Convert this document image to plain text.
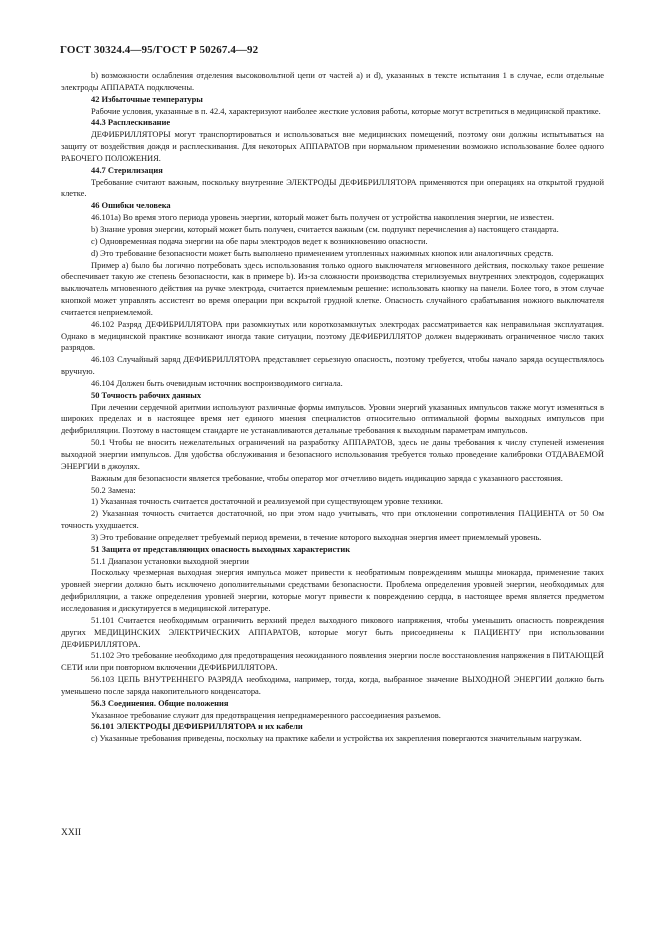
ГОСТ 30324.4—95/ГОСТ Р 50267.4—92

b) возможности ослабления отделения высоковольтной цепи от частей а) и d), указанных в тексте испытания 1 в случае, если отдельные электроды АППАРАТА подключены.

42 Избыточные температуры

Рабочие условия, указанные в п. 42.4, характеризуют наиболее жесткие условия работы, которые могут встретиться в медицинской практике.

44.3 Расплескивание

ДЕФИБРИЛЛЯТОРЫ могут транспортироваться и использоваться вне медицинских помещений, поэтому они должны испытываться на защиту от воздействия дождя и расплескивания. Для некоторых АППАРАТОВ при нормальном применении возможно использование более одного РАБОЧЕГО ПОЛОЖЕНИЯ.

44.7 Стерилизация

Требование считают важным, поскольку внутренние ЭЛЕКТРОДЫ ДЕФИБРИЛЛЯТОРА применяются при операциях на открытой грудной клетке.

46 Ошибки человека

46.101а) Во время этого периода уровень энергии, который может быть получен от устройства накопления энергии, не известен.

b) Знание уровня энергии, который может быть получен, считается важным (см. подпункт перечисления а) настоящего стандарта.

c) Одновременная подача энергии на обе пары электродов ведет к возникновению опасности.

d) Это требование безопасности может быть выполнено применением утопленных нажимных кнопок или аналогичных средств.

Пример а) было бы логично потребовать здесь использования только одного выключателя мгновенного действия, поскольку такое решение обеспечивает такую же степень безопасности, как в примере b). Из-за сложности производства стерилизуемых внутренних электродов, содержащих выключатель мгновенного действия на ручке электрода, считается приемлемым решение: использовать кнопку на панели. Более того, в этом случае кнопкой может управлять ассистент во время операции при вскрытой грудной клетке. Опасность случайного срабатывания ножного выключателя считается неприемлемой.

46.102 Разряд ДЕФИБРИЛЛЯТОРА при разомкнутых или короткозамкнутых электродах рассматривается как неправильная эксплуатация. Однако в медицинской практике возникают иногда такие ситуации, поэтому ДЕФИБРИЛЛЯТОР должен выдерживать ограниченное число таких разрядов.

46.103 Случайный заряд ДЕФИБРИЛЛЯТОРА представляет серьезную опасность, поэтому требуется, чтобы начало заряда осуществлялось вручную.

46.104 Должен быть очевидным источник воспроизводимого сигнала.

50 Точность рабочих данных

При лечении сердечной аритмии используют различные формы импульсов. Уровни энергий указанных импульсов также могут изменяться в широких пределах и в настоящее время нет единого мнения специалистов относительно оптимальной формы выходных импульсов при дефибрилляции. Поэтому в настоящем стандарте не устанавливаются детальные требования к выходным параметрам импульсов.

50.1 Чтобы не вносить нежелательных ограничений на разработку АППАРАТОВ, здесь не даны требования к числу ступеней изменения выходной энергии импульсов. Для удобства обслуживания и безопасного использования требуется только проведение калибровки ОТДАВАЕМОЙ ЭНЕРГИИ в джоулях.

Важным для безопасности является требование, чтобы оператор мог отчетливо видеть индикацию заряда с указанного расстояния.

50.2 Замена:

1) Указанная точность считается достаточной и реализуемой при существующем уровне техники.

2) Указанная точность считается достаточной, но при этом надо учитывать, что при отклонении сопротивления ПАЦИЕНТА от 50 Ом точность ухудшается.

3) Это требование определяет требуемый период времени, в течение которого выходная энергия имеет приемлемый уровень.

51 Защита от представляющих опасность выходных характеристик

51.1 Диапазон установки выходной энергии

Поскольку чрезмерная выходная энергия импульса может привести к необратимым повреждениям мышцы миокарда, применение таких уровней энергии должно быть исключено дополнительными средствами безопасности. Проблема определения уровней энергии, необходимых для дефибрилляции, а также определения уровней энергии, которые могут привести к повреждению сердца, в настоящее время является предметом исследования и дискутируется в медицинской литературе.

51.101 Считается необходимым ограничить верхний предел выходного пикового напряжения, чтобы уменьшить опасность повреждения других МЕДИЦИНСКИХ ЭЛЕКТРИЧЕСКИХ АППАРАТОВ, которые могут быть присоединены к ПАЦИЕНТУ при использовании ДЕФИБРИЛЛЯТОРА.

51.102 Это требование необходимо для предотвращения неожиданного появления энергии после восстановления напряжения в ПИТАЮЩЕЙ СЕТИ или при повторном включении ДЕФИБРИЛЛЯТОРА.

56.103 ЦЕПЬ ВНУТРЕННЕГО РАЗРЯДА необходима, например, тогда, когда, выбранное значение ВЫХОДНОЙ ЭНЕРГИИ должно быть уменьшено после заряда накопительного конденсатора.

56.3 Соединения. Общие положения

Указанное требование служит для предотвращения непреднамеренного рассоединения разъемов.

56.101 ЭЛЕКТРОДЫ ДЕФИБРИЛЛЯТОРА и их кабели

с) Указанные требования приведены, поскольку на практике кабели и устройства их закрепления повергаются значительным нагрузкам.

XXII
